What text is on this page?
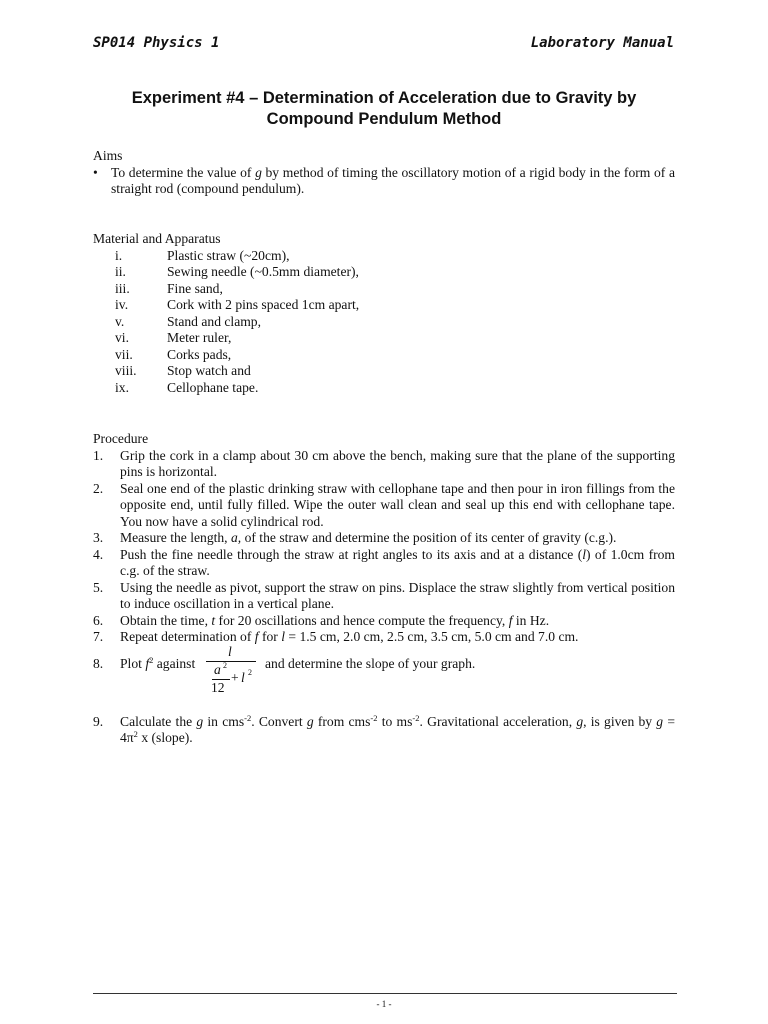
SP014 Physics 1	Laboratory Manual
Experiment #4 – Determination of Acceleration due to Gravity by
Compound Pendulum Method
Aims
• To determine the value of g by method of timing the oscillatory motion of a rigid body in the form of a straight rod (compound pendulum).
Material and Apparatus
i.	Plastic straw (~20cm),
ii.	Sewing needle (~0.5mm diameter),
iii.	Fine sand,
iv.	Cork with 2 pins spaced 1cm apart,
v.	Stand and clamp,
vi.	Meter ruler,
vii.	Corks pads,
viii.	Stop watch and
ix.	Cellophane tape.
Procedure
1.	Grip the cork in a clamp about 30 cm above the bench, making sure that the plane of the supporting pins is horizontal.
2.	Seal one end of the plastic drinking straw with cellophane tape and then pour in iron fillings from the opposite end, until fully filled. Wipe the outer wall clean and seal up this end with cellophane tape. You now have a solid cylindrical rod.
3.	Measure the length, a, of the straw and determine the position of its center of gravity (c.g.).
4.	Push the fine needle through the straw at right angles to its axis and at a distance (l) of 1.0cm from c.g. of the straw.
5.	Using the needle as pivot, support the straw on pins. Displace the straw slightly from vertical position to induce oscillation in a vertical plane.
6.	Obtain the time, t for 20 oscillations and hence compute the frequency, f in Hz.
7.	Repeat determination of f for l = 1.5 cm, 2.0 cm, 2.5 cm, 3.5 cm, 5.0 cm and 7.0 cm.
8.	Plot $f^2$ against
l
a 2
12
+ l 2
and determine the slope of your graph.
9.	Calculate the g in cms$^{-2}$. Convert g from cms$^{-2}$ to $ms^{-2}$. Gravitational acceleration, g, is given by $g = 4\pi^2$ x (slope).
- 1 -
